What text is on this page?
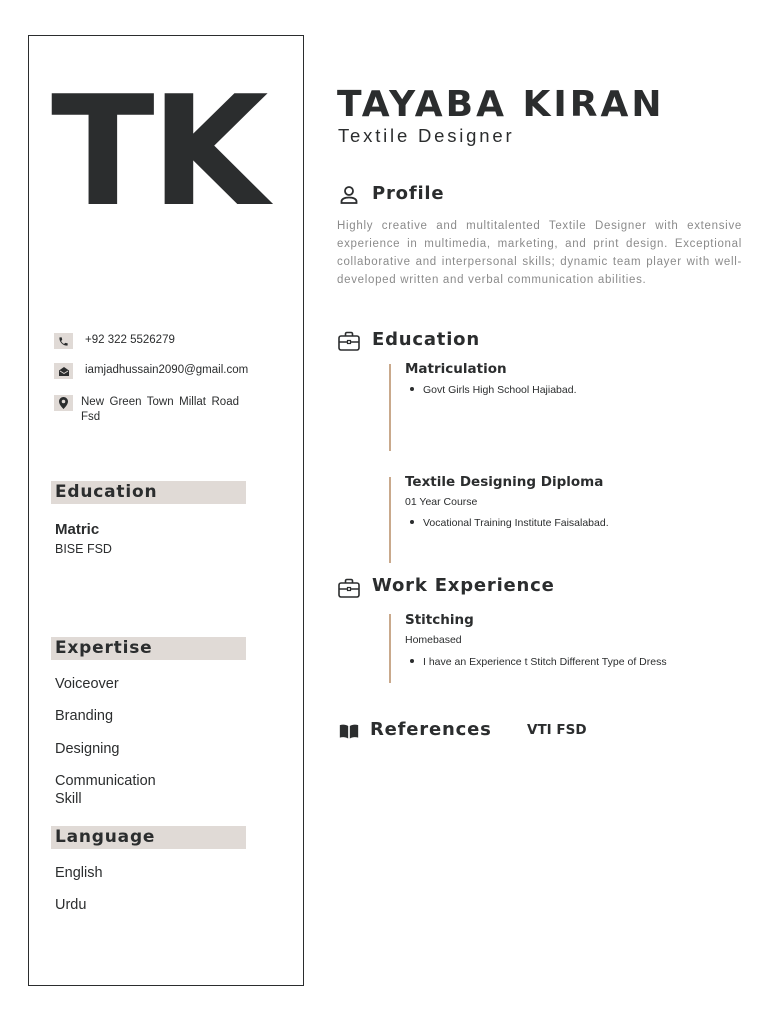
TK
+92 322 5526279
iamjadhussain2090@gmail.com
New Green Town Millat Road Fsd
Education
Matric
BISE FSD
Expertise
Voiceover
Branding
Designing
Communication Skill
Language
English
Urdu
TAYABA KIRAN
Textile Designer
Profile
Highly creative and multitalented Textile Designer with extensive experience in multimedia, marketing, and print design. Exceptional collaborative and interpersonal skills; dynamic team player with well-developed written and verbal communication abilities.
Education
Matriculation
Govt Girls High School Hajiabad.
Textile Designing Diploma
01 Year Course
Vocational Training Institute Faisalabad.
Work Experience
Stitching
Homebased
I have an Experience t Stitch Different Type of Dress
References	VTI FSD
